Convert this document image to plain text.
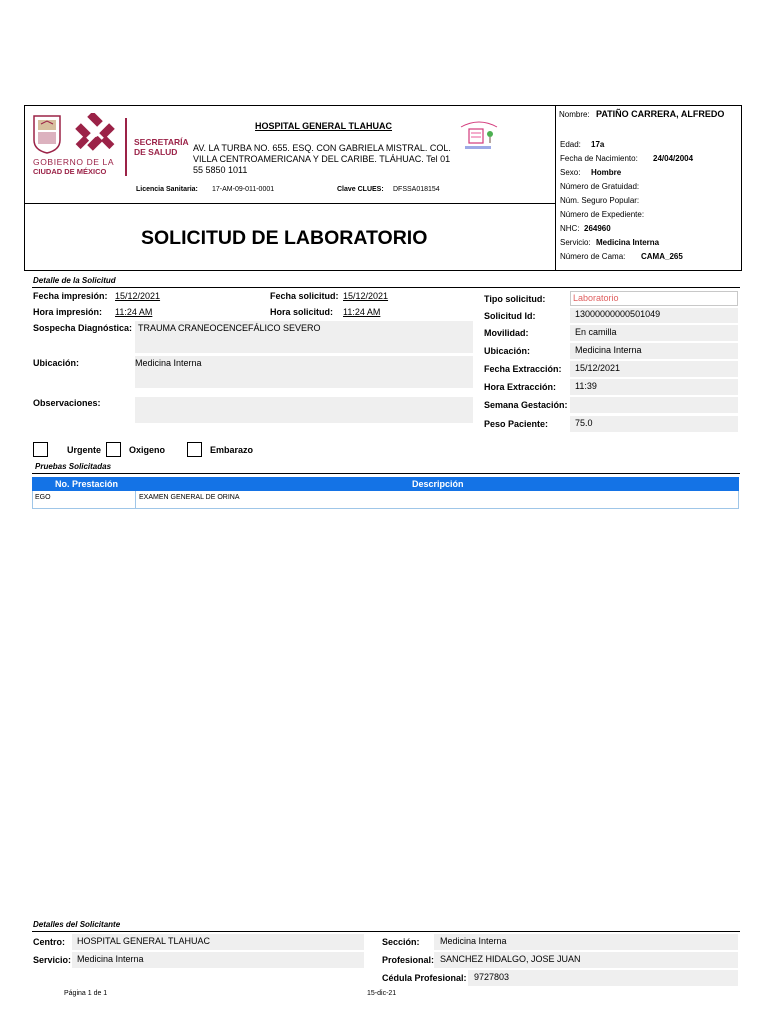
GOBIERNO DE LA
CIUDAD DE MÉXICO
SECRETARÍA
DE SALUD
HOSPITAL GENERAL TLAHUAC
AV. LA TURBA NO. 655. ESQ. CON GABRIELA MISTRAL. COL. VILLA CENTROAMERICANA Y DEL CARIBE. TLÁHUAC. Tel 01 55 5850 1011
Licencia Sanitaria: 17-AM-09-011-0001	Clave CLUES: DFSSA018154
SOLICITUD DE LABORATORIO
Nombre: PATIÑO CARRERA, ALFREDO
Edad: 17a
Fecha de Nacimiento: 24/04/2004
Sexo: Hombre
Número de Gratuidad:
Núm. Seguro Popular:
Número de Expediente:
NHC: 264960
Servicio: Medicina Interna
Número de Cama: CAMA_265
Detalle de la Solicitud
Fecha impresión: 15/12/2021
Hora impresión: 11:24 AM
Fecha solicitud: 15/12/2021
Hora solicitud: 11:24 AM
Sospecha Diagnóstica: TRAUMA CRANEOCENCEFÁLICO SEVERO
Ubicación:	Medicina Interna
Observaciones:
Tipo solicitud:	Laboratorio
Solicitud Id:	13000000000501049
Movilidad:	En camilla
Ubicación:	Medicina Interna
Fecha Extracción:	15/12/2021
Hora Extracción:	11:39
Semana Gestación:
Peso Paciente:	75.0
Urgente	Oxigeno	Embarazo
Pruebas Solicitadas
No. Prestación	Descripción
EGO	EXAMEN GENERAL DE ORINA
Detalles del Solicitante
Centro:	HOSPITAL GENERAL TLAHUAC
Servicio: Medicina Interna
Sección:	Medicina Interna
Profesional: SANCHEZ HIDALGO, JOSE JUAN
Cédula Profesional: 9727803
Página 1 de 1	15-dic-21
